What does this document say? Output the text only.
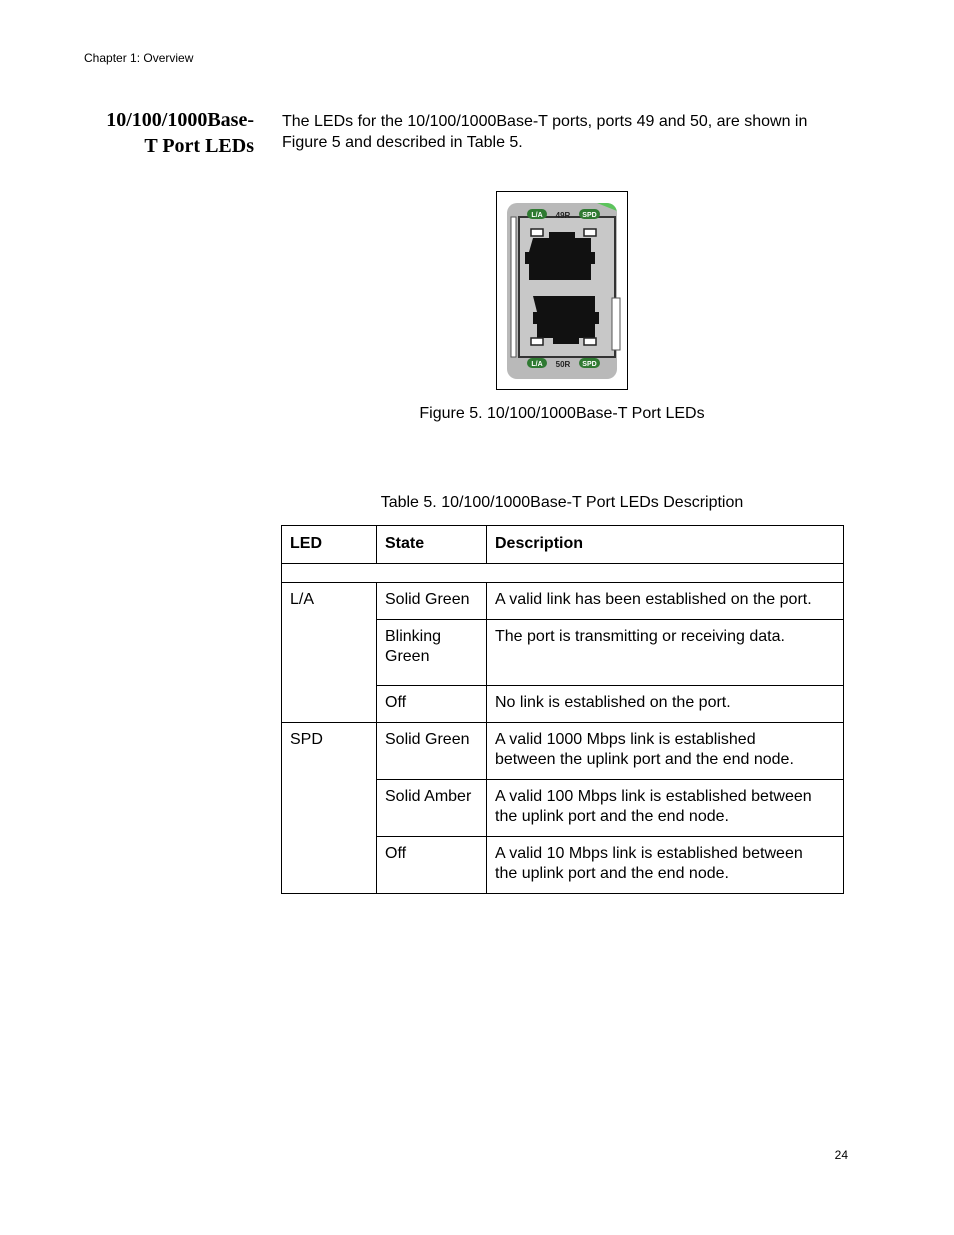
Chapter 1: Overview
10/100/1000Base-
T Port LEDs
The LEDs for the 10/100/1000Base-T ports, ports 49 and 50, are shown in
Figure 5 and described in Table 5.
L/A 49R SPD
L/A 50R SPD
Figure 5. 10/100/1000Base-T Port LEDs
Table 5. 10/100/1000Base-T Port LEDs Description
LED	State	Description

L/A	Solid Green	A valid link has been established on the port.

	Blinking
Green	The port is transmitting or receiving data.
	Off	No link is established on the port.
SPD	Solid Green	A valid 1000 Mbps link is established
between the uplink port and the end node.

	Solid Amber	A valid 100 Mbps link is established between
the uplink port and the end node.

	Off	A valid 10 Mbps link is established between
the uplink port and the end node.
24
